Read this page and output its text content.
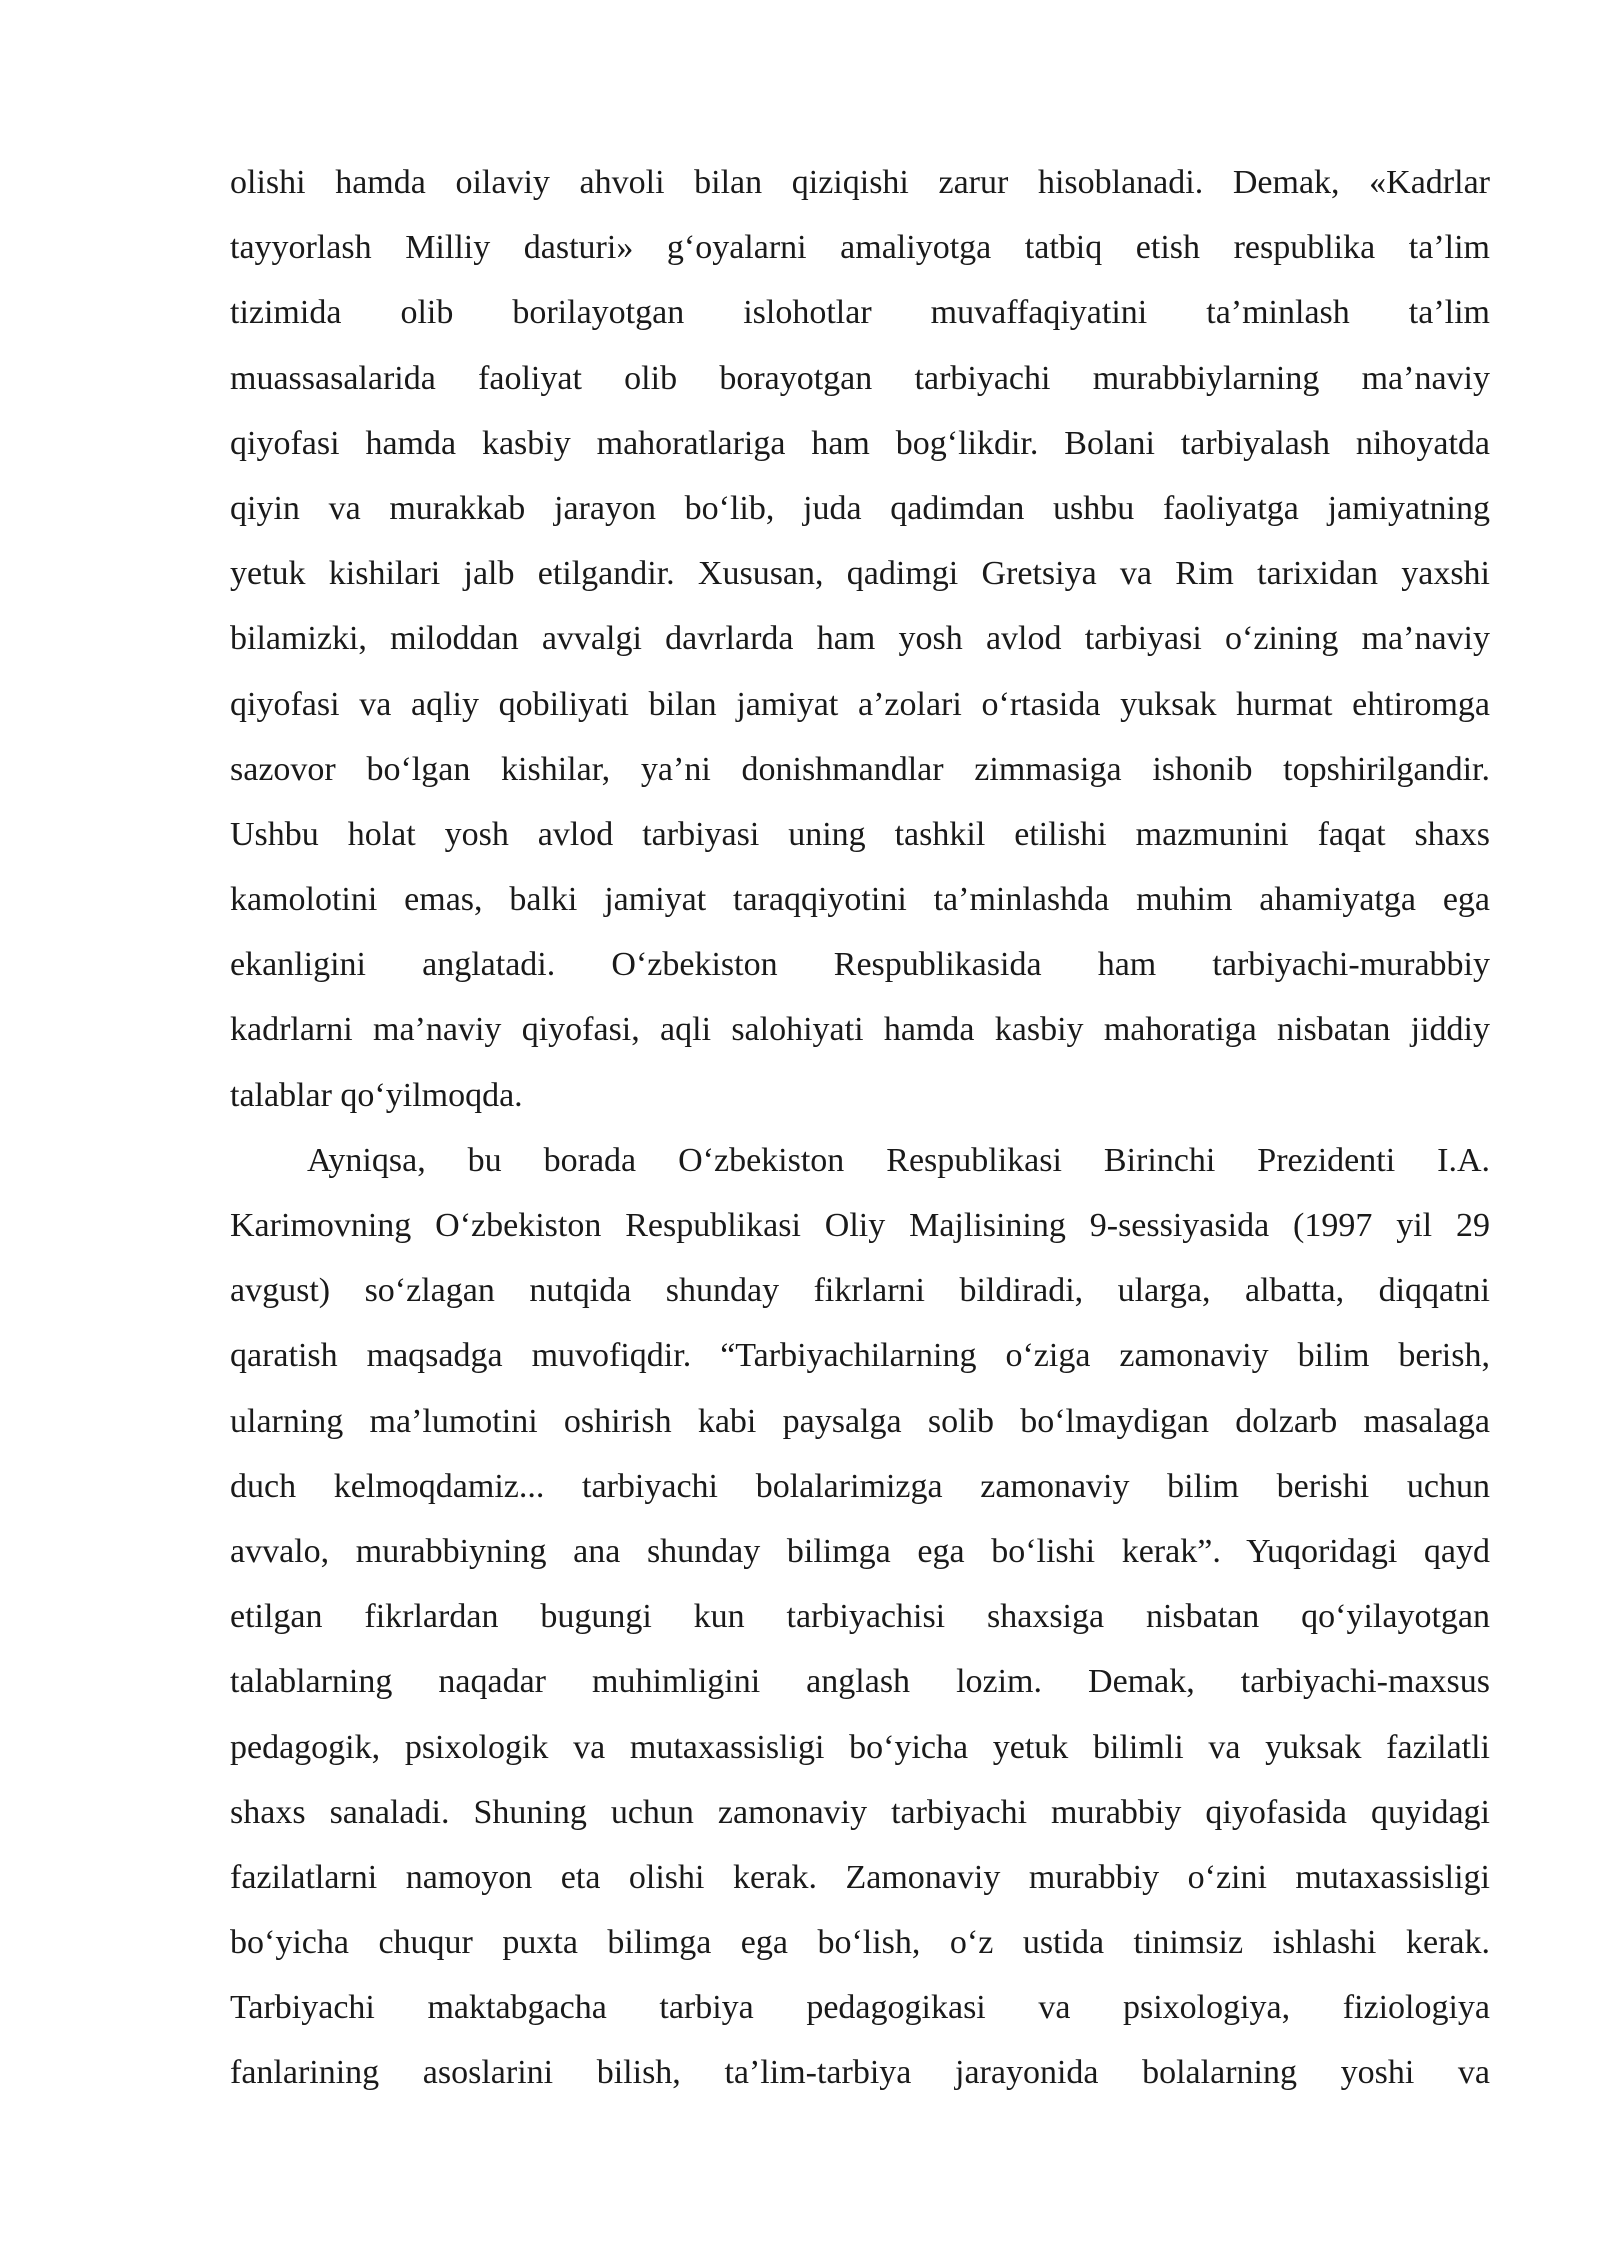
olishi hamda oilaviy ahvoli bilan qiziqishi zarur hisoblanadi. Demak, «Kadrlar
tayyorlash Milliy dasturi» g‘oyalarni amaliyotga tatbiq etish respublika ta’lim
tizimida olib borilayotgan islohotlar muvaffaqiyatini ta’minlash ta’lim
muassasalarida faoliyat olib borayotgan tarbiyachi murabbiylarning ma’naviy
qiyofasi hamda kasbiy mahoratlariga ham bog‘likdir. Bolani tarbiyalash nihoyatda
qiyin va murakkab jarayon bo‘lib, juda qadimdan ushbu faoliyatga jamiyatning
yetuk kishilari jalb etilgandir. Xususan, qadimgi Gretsiya va Rim tarixidan yaxshi
bilamizki, miloddan avvalgi davrlarda ham yosh avlod tarbiyasi o‘zining ma’naviy
qiyofasi va aqliy qobiliyati bilan jamiyat a’zolari o‘rtasida yuksak hurmat ehtiromga
sazovor bo‘lgan kishilar, ya’ni donishmandlar zimmasiga ishonib topshirilgandir.
Ushbu holat yosh avlod tarbiyasi uning tashkil etilishi mazmunini faqat shaxs
kamolotini emas, balki jamiyat taraqqiyotini ta’minlashda muhim ahamiyatga ega
ekanligini anglatadi. O‘zbekiston Respublikasida ham tarbiyachi-murabbiy
kadrlarni ma’naviy qiyofasi, aqli salohiyati hamda kasbiy mahoratiga nisbatan jiddiy
talablar qo‘yilmoqda.
Ayniqsa, bu borada O‘zbekiston Respublikasi Birinchi Prezidenti I.A.
Karimovning O‘zbekiston Respublikasi Oliy Majlisining 9-sessiyasida (1997 yil 29
avgust) so‘zlagan nutqida shunday fikrlarni bildiradi, ularga, albatta, diqqatni
qaratish maqsadga muvofiqdir. “Tarbiyachilarning o‘ziga zamonaviy bilim berish,
ularning ma’lumotini oshirish kabi paysalga solib bo‘lmaydigan dolzarb masalaga
duch kelmoqdamiz... tarbiyachi bolalarimizga zamonaviy bilim berishi uchun
avvalo, murabbiyning ana shunday bilimga ega bo‘lishi kerak”. Yuqoridagi qayd
etilgan fikrlardan bugungi kun tarbiyachisi shaxsiga nisbatan qo‘yilayotgan
talablarning naqadar muhimligini anglash lozim. Demak, tarbiyachi-maxsus
pedagogik, psixologik va mutaxassisligi bo‘yicha yetuk bilimli va yuksak fazilatli
shaxs sanaladi. Shuning uchun zamonaviy tarbiyachi murabbiy qiyofasida quyidagi
fazilatlarni namoyon eta olishi kerak. Zamonaviy murabbiy o‘zini mutaxassisligi
bo‘yicha chuqur puxta bilimga ega bo‘lish, o‘z ustida tinimsiz ishlashi kerak.
Tarbiyachi maktabgacha tarbiya pedagogikasi va psixologiya, fiziologiya
fanlarining asoslarini bilish, ta’lim-tarbiya jarayonida bolalarning yoshi va
